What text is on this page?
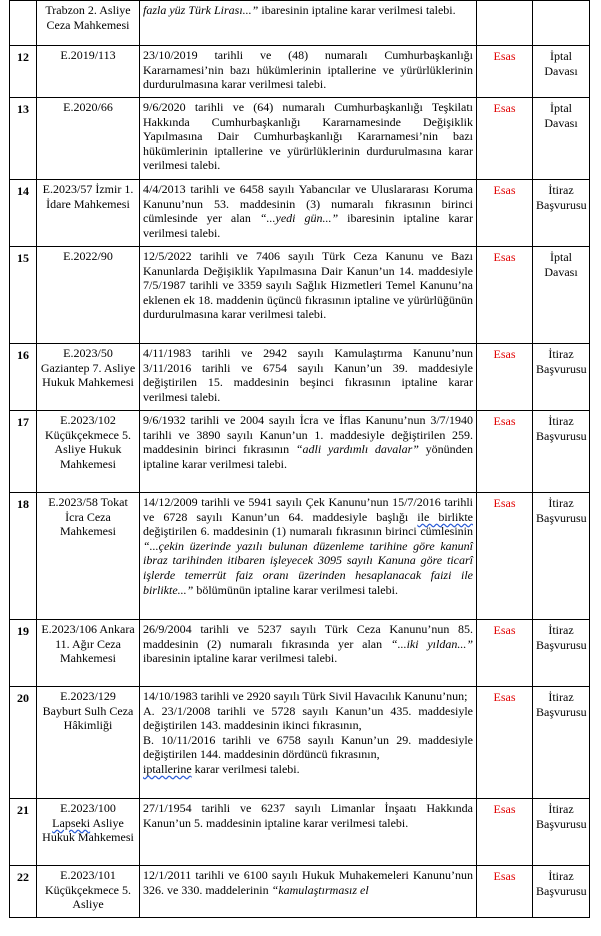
	Trabzon 2. Asliye Ceza Mahkemesi	fazla yüz Türk Lirası...” ibaresinin iptaline karar verilmesi talebi.		
12	E.2019/113	23/10/2019 tarihli ve (48) numaralı Cumhurbaşkanlığı Kararnamesi’nin bazı hükümlerinin iptallerine ve yürürlüklerinin durdurulmasına karar verilmesi talebi.	Esas	İptal Davası
13	E.2020/66	9/6/2020 tarihli ve (64) numaralı Cumhurbaşkanlığı Teşkilatı Hakkında Cumhurbaşkanlığı Kararnamesinde Değişiklik Yapılmasına Dair Cumhurbaşkanlığı Kararnamesi’nin bazı hükümlerinin iptallerine ve yürürlüklerinin durdurulmasına karar verilmesi talebi.	Esas	İptal Davası
14	E.2023/57 İzmir 1. İdare Mahkemesi	4/4/2013 tarihli ve 6458 sayılı Yabancılar ve Uluslararası Koruma Kanunu’nun 53. maddesinin (3) numaralı fıkrasının birinci cümlesinde yer alan “...yedi gün...” ibaresinin iptaline karar verilmesi talebi.	Esas	İtiraz Başvurusu
15	E.2022/90	12/5/2022 tarihli ve 7406 sayılı Türk Ceza Kanunu ve Bazı Kanunlarda Değişiklik Yapılmasına Dair Kanun’un 14. maddesiyle 7/5/1987 tarihli ve 3359 sayılı Sağlık Hizmetleri Temel Kanunu’na eklenen ek 18. maddenin üçüncü fıkrasının iptaline ve yürürlüğünün durdurulmasına karar verilmesi talebi.	Esas	İptal Davası
16	E.2023/50 Gaziantep 7. Asliye Hukuk Mahkemesi	4/11/1983 tarihli ve 2942 sayılı Kamulaştırma Kanunu’nun 3/11/2016 tarihli ve 6754 sayılı Kanun’un 39. maddesiyle değiştirilen 15. maddesinin beşinci fıkrasının iptaline karar verilmesi talebi.	Esas	İtiraz Başvurusu
17	E.2023/102 Küçükçekmece 5. Asliye Hukuk Mahkemesi	9/6/1932 tarihli ve 2004 sayılı İcra ve İflas Kanunu’nun 3/7/1940 tarihli ve 3890 sayılı Kanun’un 1. maddesiyle değiştirilen 259. maddesinin birinci fıkrasının “adli yardımlı davalar” yönünden iptaline karar verilmesi talebi.	Esas	İtiraz Başvurusu
18	E.2023/58 Tokat İcra Ceza Mahkemesi	14/12/2009 tarihli ve 5941 sayılı Çek Kanunu’nun 15/7/2016 tarihli ve 6728 sayılı Kanun’un 64. maddesiyle başlığı ile birlikte değiştirilen 6. maddesinin (1) numaralı fıkrasının birinci cümlesinin “...çekin üzerinde yazılı bulunan düzenleme tarihine göre kanunî ibraz tarihinden itibaren işleyecek 3095 sayılı Kanuna göre ticarî işlerde temerrüt faiz oranı üzerinden hesaplanacak faizi ile birlikte...” bölümünün iptaline karar verilmesi talebi.	Esas	İtiraz Başvurusu
19	E.2023/106 Ankara 11. Ağır Ceza Mahkemesi	26/9/2004 tarihli ve 5237 sayılı Türk Ceza Kanunu’nun 85. maddesinin (2) numaralı fıkrasında yer alan “...iki yıldan...” ibaresinin iptaline karar verilmesi talebi.	Esas	İtiraz Başvurusu
20	E.2023/129 Bayburt Sulh Ceza Hâkimliği	14/10/1983 tarihli ve 2920 sayılı Türk Sivil Havacılık Kanunu’nun;
A. 23/1/2008 tarihli ve 5728 sayılı Kanun’un 435. maddesiyle değiştirilen 143. maddesinin ikinci fıkrasının,
B. 10/11/2016 tarihli ve 6758 sayılı Kanun’un 29. maddesiyle değiştirilen 144. maddesinin dördüncü fıkrasının,
iptallerine karar verilmesi talebi.	Esas	İtiraz Başvurusu
21	E.2023/100 Lapseki Asliye Hukuk Mahkemesi	27/1/1954 tarihli ve 6237 sayılı Limanlar İnşaatı Hakkında Kanun’un 5. maddesinin iptaline karar verilmesi talebi.	Esas	İtiraz Başvurusu
22	E.2023/101 Küçükçekmece 5. Asliye	12/1/2011 tarihli ve 6100 sayılı Hukuk Muhakemeleri Kanunu’nun 326. ve 330. maddelerinin “kamulaştırmasız el	Esas	İtiraz Başvurusu
